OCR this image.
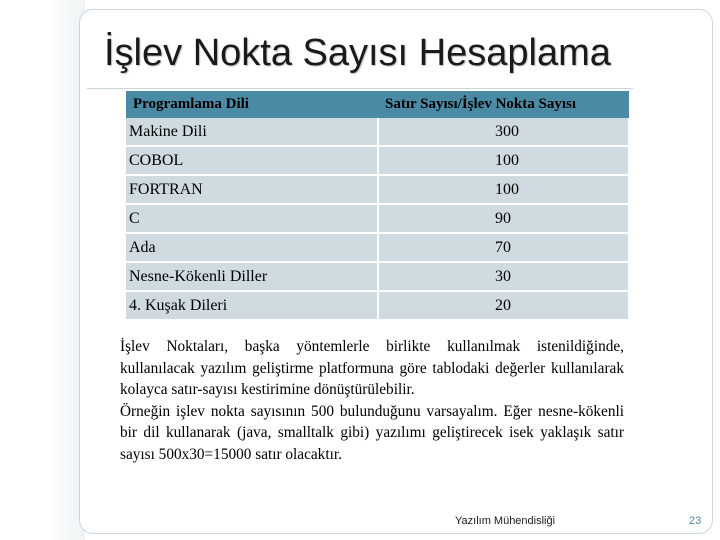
İşlev Nokta Sayısı Hesaplama
Programlama Dili	Satır Sayısı/İşlev Nokta Sayısı
Makine Dili	300
COBOL	100
FORTRAN	100
C	90
Ada	70
Nesne-Kökenli Diller	30
4. Kuşak Dileri	20

İşlev Noktaları, başka yöntemlerle birlikte kullanılmak istenildiğinde, kullanılacak yazılım geliştirme platformuna göre tablodaki değerler kullanılarak kolayca satır-sayısı kestirimine dönüştürülebilir.

Örneğin işlev nokta sayısının 500 bulunduğunu varsayalım. Eğer nesne-kökenli bir dil kullanarak (java, smalltalk gibi) yazılımı geliştirecek isek yaklaşık satır sayısı 500x30=15000 satır olacaktır.

Yazılım Mühendisliği	23
